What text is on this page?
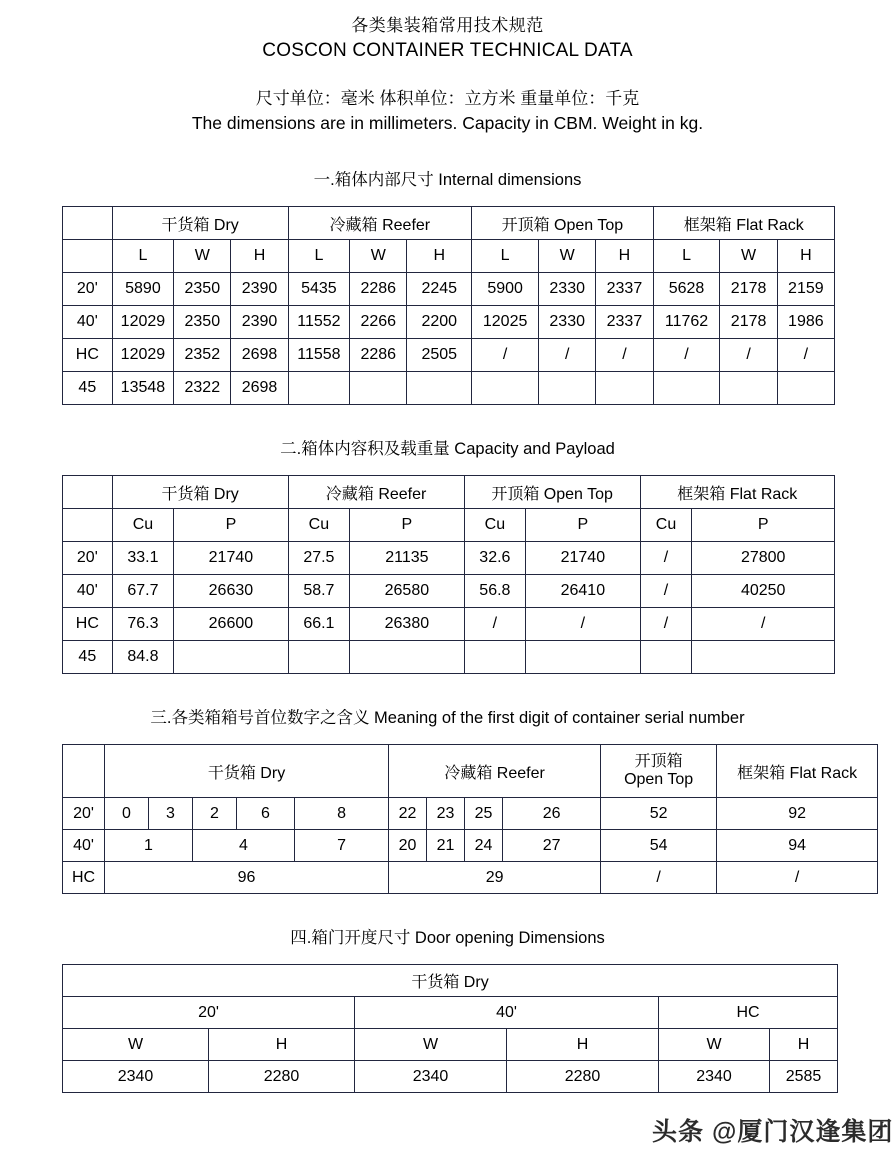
各类集装箱常用技术规范
COSCON CONTAINER TECHNICAL DATA
尺寸单位：毫米 体积单位：立方米 重量单位：千克
The dimensions are in millimeters. Capacity in CBM. Weight in kg.
一.箱体内部尺寸 Internal dimensions
	干货箱 Dry			冷藏箱 Reefer			开顶箱 Open Top			框架箱 Flat Rack		
	L	W	H	L	W	H	L	W	H	L	W	H
20'	5890	2350	2390	5435	2286	2245	5900	2330	2337	5628	2178	2159
40'	12029	2350	2390	11552	2266	2200	12025	2330	2337	11762	2178	1986
HC	12029	2352	2698	11558	2286	2505	/	/	/	/	/	/
45	13548	2322	2698									
二.箱体内容积及载重量 Capacity and Payload
	干货箱 Dry		冷藏箱 Reefer		开顶箱 Open Top		框架箱 Flat Rack	
	Cu	P	Cu	P	Cu	P	Cu	P
20'	33.1	21740	27.5	21135	32.6	21740	/	27800
40'	67.7	26630	58.7	26580	56.8	26410	/	40250
HC	76.3	26600	66.1	26380	/	/	/	/
45	84.8							
三.各类箱箱号首位数字之含义 Meaning of the first digit of container serial number
	干货箱 Dry					冷藏箱 Reefer				开顶箱
Open Top	框架箱 Flat Rack
20'	0	3	2	6	8	22	23	25	26	52	92
40'	1		4		7	20	21	24	27	54	94
HC	96					29				/	/
四.箱门开度尺寸 Door opening Dimensions
干货箱 Dry					
20'		40'		HC	
W	H	W	H	W	H
2340	2280	2340	2280	2340	2585
头条 @厦门汉逢集团
